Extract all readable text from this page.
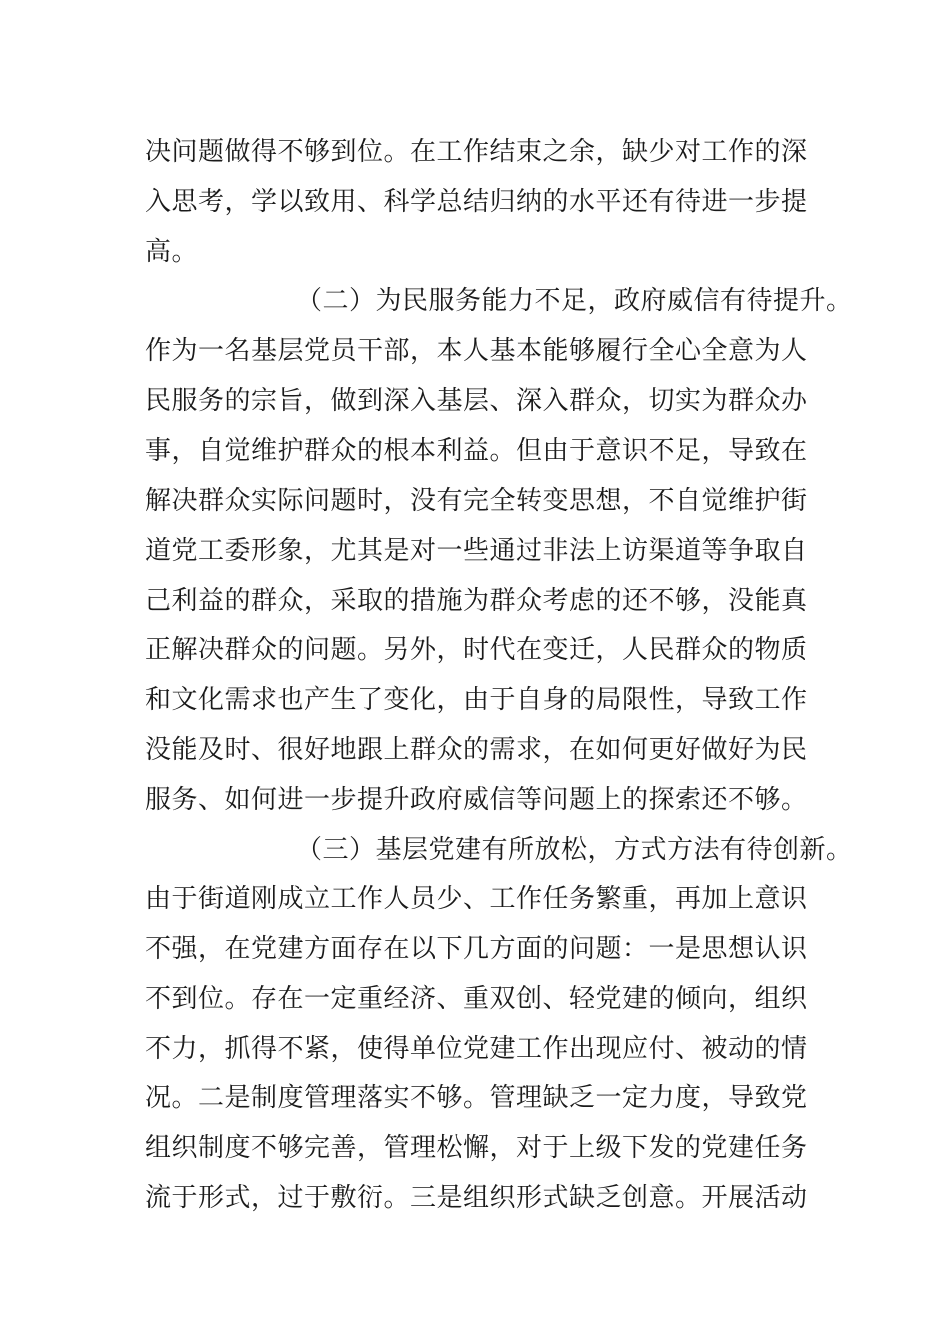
决问题做得不够到位。在工作结束之余，缺少对工作的深
入思考，学以致用、科学总结归纳的水平还有待进一步提
高。
（二）为民服务能力不足，政府威信有待提升。
作为一名基层党员干部，本人基本能够履行全心全意为人
民服务的宗旨，做到深入基层、深入群众，切实为群众办
事，自觉维护群众的根本利益。但由于意识不足，导致在
解决群众实际问题时，没有完全转变思想，不自觉维护街
道党工委形象，尤其是对一些通过非法上访渠道等争取自
己利益的群众，采取的措施为群众考虑的还不够，没能真
正解决群众的问题。另外，时代在变迁，人民群众的物质
和文化需求也产生了变化，由于自身的局限性，导致工作
没能及时、很好地跟上群众的需求，在如何更好做好为民
服务、如何进一步提升政府威信等问题上的探索还不够。
（三）基层党建有所放松，方式方法有待创新。
由于街道刚成立工作人员少、工作任务繁重，再加上意识
不强，在党建方面存在以下几方面的问题：一是思想认识
不到位。存在一定重经济、重双创、轻党建的倾向，组织
不力，抓得不紧，使得单位党建工作出现应付、被动的情
况。二是制度管理落实不够。管理缺乏一定力度，导致党
组织制度不够完善，管理松懈，对于上级下发的党建任务
流于形式，过于敷衍。三是组织形式缺乏创意。开展活动
